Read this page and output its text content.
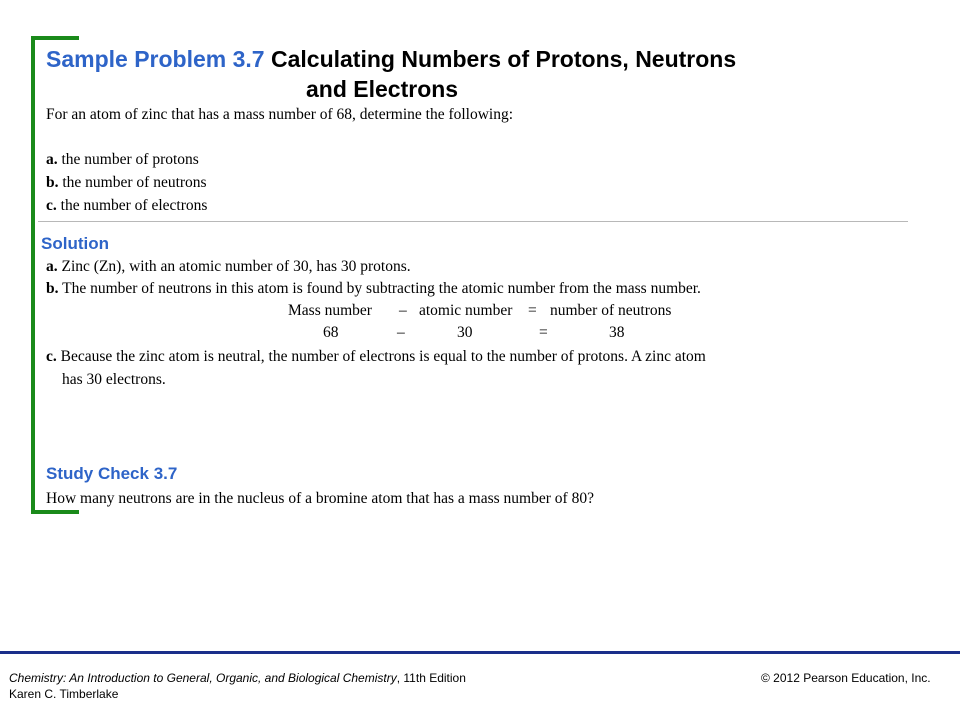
Sample Problem 3.7 Calculating Numbers of Protons, Neutrons
and Electrons
For an atom of zinc that has a mass number of 68, determine the following:
a. the number of protons
b. the number of neutrons
c. the number of electrons
Solution
a. Zinc (Zn), with an atomic number of 30, has 30 protons.
b. The number of neutrons in this atom is found by subtracting the atomic number from the mass number.
Mass number – atomic number = number of neutrons
68	–	30	=	38
c. Because the zinc atom is neutral, the number of electrons is equal to the number of protons. A zinc atom
has 30 electrons.
Study Check 3.7
How many neutrons are in the nucleus of a bromine atom that has a mass number of 80?
Chemistry: An Introduction to General, Organic, and Biological Chemistry, 11th Edition
Karen C. Timberlake
© 2012 Pearson Education, Inc.
